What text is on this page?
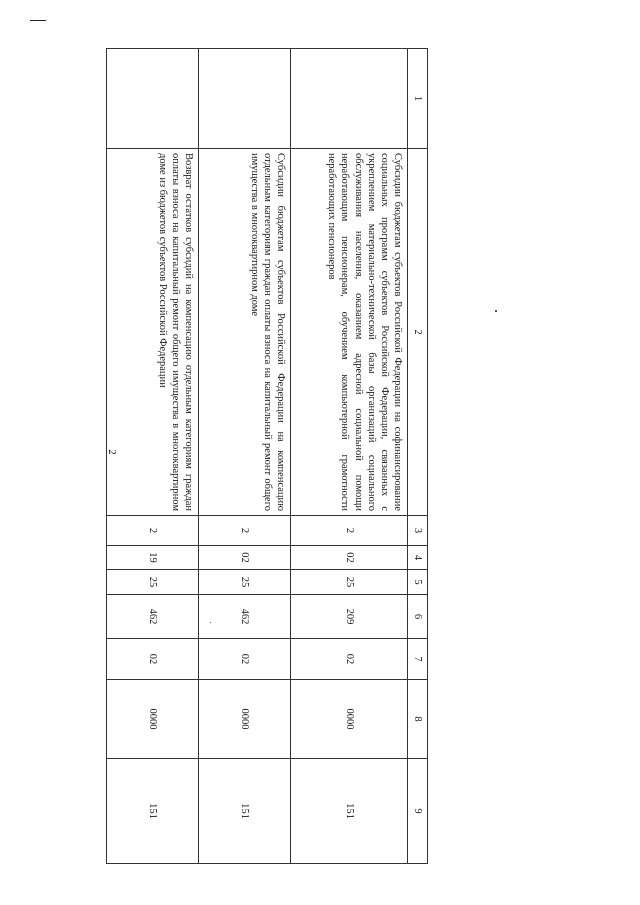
2
1	2	3	4	5	6	7	8	9
	Субсидии бюджетам субъектов Российской Федерации на софинансирование социальных программ субъектов Российской Федерации, связанных с укреплением материально-технической базы организаций социального обслуживания населения, оказанием адресной социальной помощи неработающим пенсионерам, обучением компьютерной грамотности неработающих пенсионеров	2	02	25	209	02	0000	151
	Субсидии бюджетам субъектов Российской Федерации на компенсацию отдельным категориям граждан оплаты взноса на капитальный ремонт общего имущества в многоквартирном доме	2	02	25	462	02	0000	151
	Возврат остатков субсидий на компенсацию отдельным категориям граждан оплаты взноса на капитальный ремонт общего имущества в многоквартирном доме из бюджетов субъектов Российской Федерации	2	19	25	462	02	0000	151
